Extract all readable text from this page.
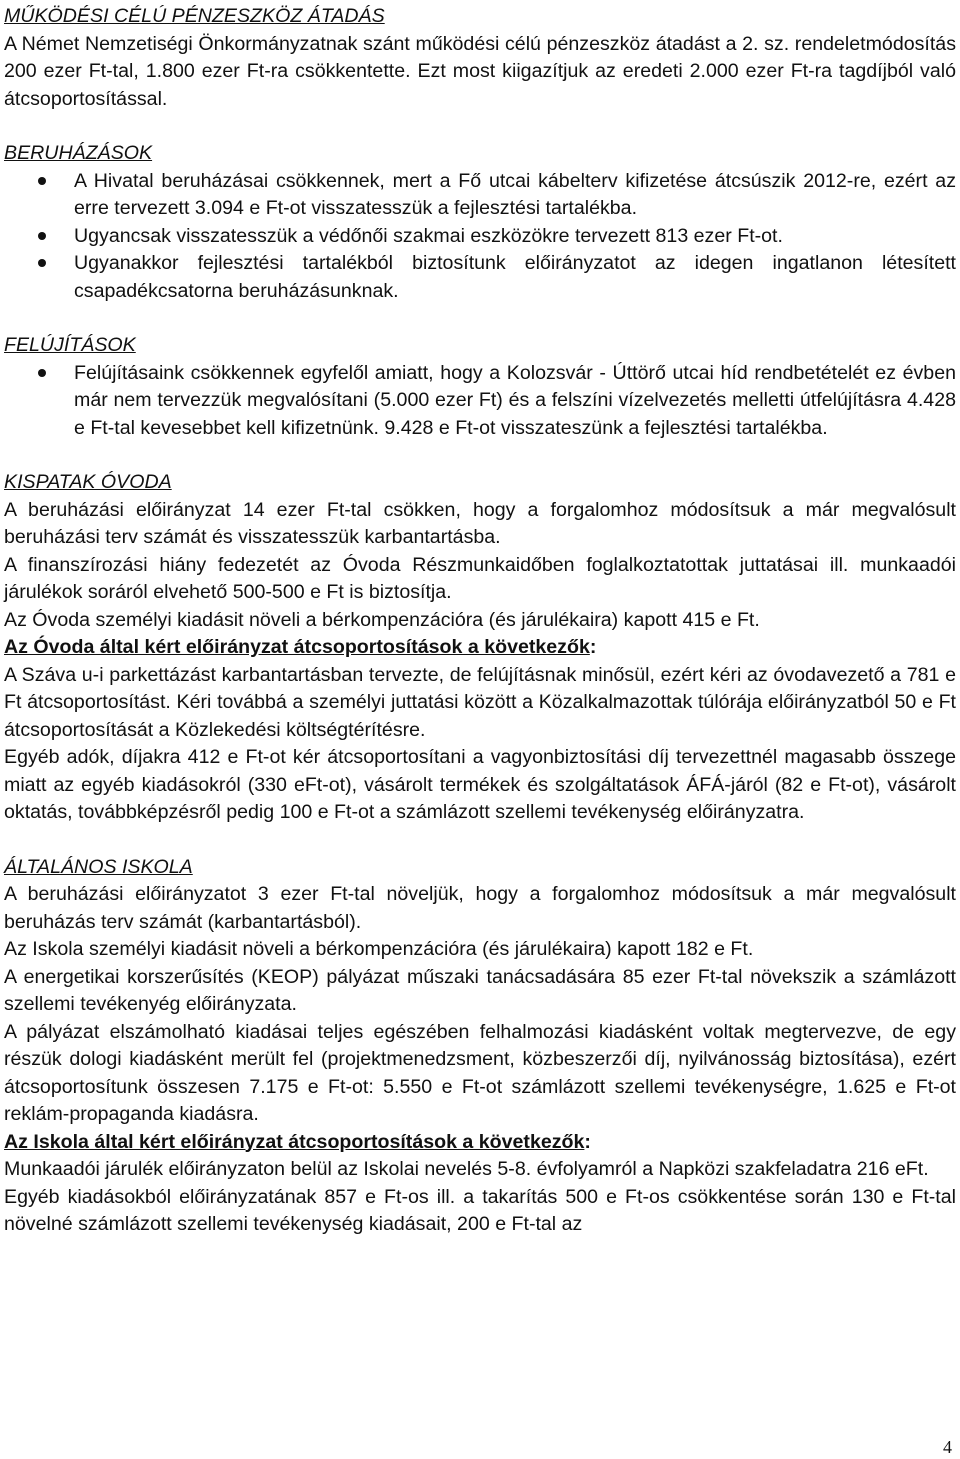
MŰKÖDÉSI CÉLÚ PÉNZESZKÖZ ÁTADÁS

A Német Nemzetiségi Önkormányzatnak szánt működési célú pénzeszköz átadást a 2. sz. rendeletmódosítás 200 ezer Ft-tal, 1.800 ezer Ft-ra csökkentette. Ezt most kiigazítjuk az eredeti 2.000 ezer Ft-ra tagdíjból való átcsoportosítással.

BERUHÁZÁSOK

A Hivatal beruházásai csökkennek, mert a Fő utcai kábelterv kifizetése átcsúszik 2012-re, ezért az erre tervezett 3.094 e Ft-ot visszatesszük a fejlesztési tartalékba.
Ugyancsak visszatesszük a védőnői szakmai eszközökre tervezett 813 ezer Ft-ot.
Ugyanakkor fejlesztési tartalékból biztosítunk előirányzatot az idegen ingatlanon létesített csapadékcsatorna beruházásunknak.

FELÚJÍTÁSOK

Felújításaink csökkennek egyfelől amiatt, hogy a Kolozsvár - Úttörő utcai híd rendbetételét ez évben már nem tervezzük megvalósítani (5.000 ezer Ft) és a felszíni vízelvezetés melletti útfelújításra 4.428 e Ft-tal kevesebbet kell kifizetnünk. 9.428 e Ft-ot visszateszünk a fejlesztési tartalékba.

KISPATAK ÓVODA

A beruházási előirányzat 14 ezer Ft-tal csökken, hogy a forgalomhoz módosítsuk a már megvalósult beruházási terv számát és visszatesszük karbantartásba.

A finanszírozási hiány fedezetét az Óvoda Részmunkaidőben foglalkoztatottak juttatásai ill. munkaadói járulékok soráról elvehető 500-500 e Ft is biztosítja.

Az Óvoda személyi kiadásit növeli a bérkompenzációra (és járulékaira) kapott 415 e Ft.

Az Óvoda által kért előirányzat átcsoportosítások a következők:

A Száva u-i parkettázást karbantartásban tervezte, de felújításnak minősül, ezért kéri az óvodavezető a 781 e Ft átcsoportosítást. Kéri továbbá a személyi juttatási között a Közalkalmazottak túlórája előirányzatból 50 e Ft átcsoportosítását a Közlekedési költségtérítésre.

Egyéb adók, díjakra 412 e Ft-ot kér átcsoportosítani a vagyonbiztosítási díj tervezettnél magasabb összege miatt az egyéb kiadásokról (330 eFt-ot), vásárolt termékek és szolgáltatások ÁFÁ-járól (82 e Ft-ot), vásárolt oktatás, továbbképzésről pedig 100 e Ft-ot a számlázott szellemi tevékenység előirányzatra.

ÁLTALÁNOS ISKOLA

A beruházási előirányzatot 3 ezer Ft-tal növeljük, hogy a forgalomhoz módosítsuk a már megvalósult beruházás terv számát (karbantartásból).

Az Iskola személyi kiadásit növeli a bérkompenzációra (és járulékaira) kapott 182 e Ft.

A energetikai korszerűsítés (KEOP) pályázat műszaki tanácsadására 85 ezer Ft-tal növekszik a számlázott szellemi tevékenyég előirányzata.

A pályázat elszámolható kiadásai teljes egészében felhalmozási kiadásként voltak megtervezve, de egy részük dologi kiadásként merült fel (projektmenedzsment, közbeszerzői díj, nyilvánosság biztosítása), ezért átcsoportosítunk összesen 7.175 e Ft-ot: 5.550 e Ft-ot számlázott szellemi tevékenységre, 1.625 e Ft-ot reklám-propaganda kiadásra.

Az Iskola által kért előirányzat átcsoportosítások a következők:

Munkaadói járulék előirányzaton belül az Iskolai nevelés 5-8. évfolyamról a Napközi szakfeladatra 216 eFt.

Egyéb kiadásokból előirányzatának 857 e Ft-os ill. a takarítás 500 e Ft-os csökkentése során 130 e Ft-tal növelné számlázott szellemi tevékenység kiadásait, 200 e Ft-tal az

4
